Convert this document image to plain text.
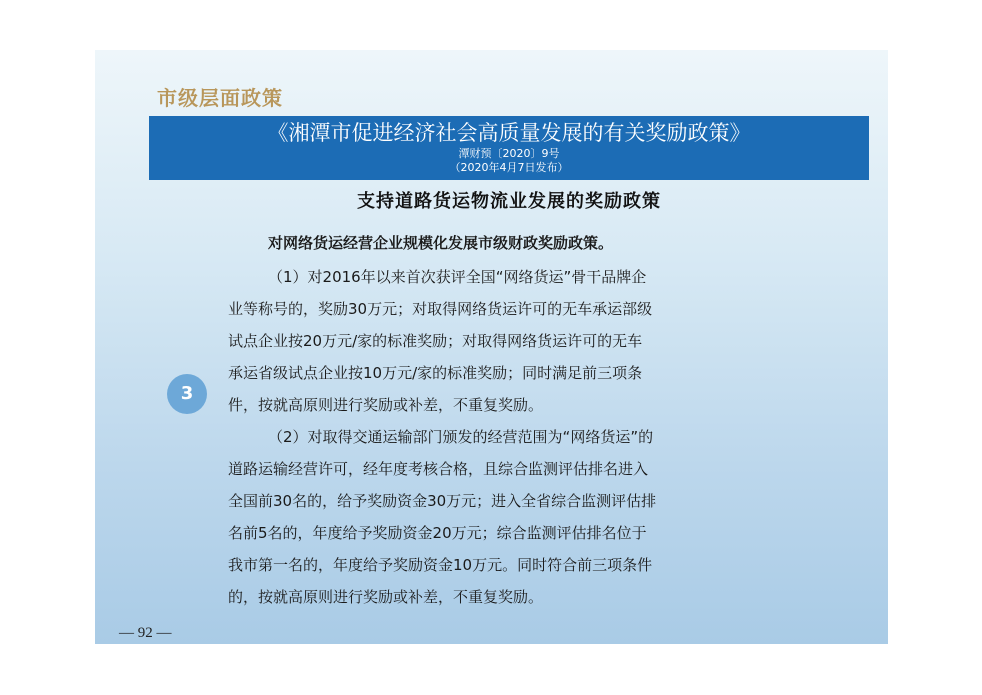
市级层面政策
《湘潭市促进经济社会高质量发展的有关奖励政策》
潭财预〔2020〕9号
（2020年4月7日发布）
支持道路货运物流业发展的奖励政策
3
对网络货运经营企业规模化发展市级财政奖励政策。
（1）对2016年以来首次获评全国“网络货运”骨干品牌企
业等称号的，奖励30万元；对取得网络货运许可的无车承运部级
试点企业按20万元/家的标准奖励；对取得网络货运许可的无车
承运省级试点企业按10万元/家的标准奖励；同时满足前三项条
件，按就高原则进行奖励或补差，不重复奖励。
（2）对取得交通运输部门颁发的经营范围为“网络货运”的
道路运输经营许可，经年度考核合格，且综合监测评估排名进入
全国前30名的，给予奖励资金30万元；进入全省综合监测评估排
名前5名的，年度给予奖励资金20万元；综合监测评估排名位于
我市第一名的，年度给予奖励资金10万元。同时符合前三项条件
的，按就高原则进行奖励或补差，不重复奖励。
— 92 —
